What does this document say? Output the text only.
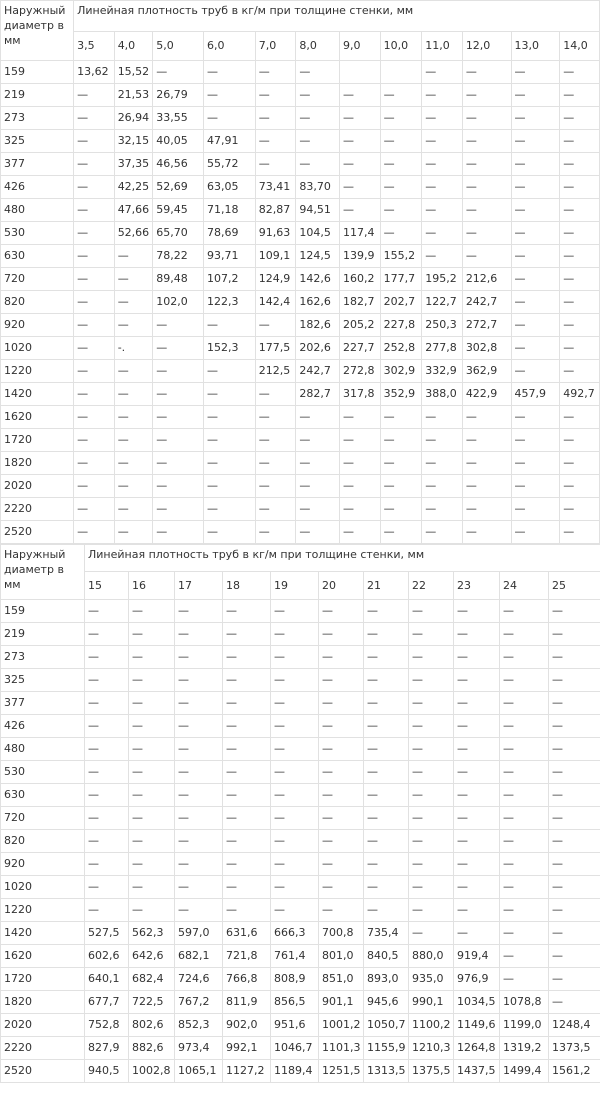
Наружный диаметр в мм	Линейная плотность труб в кг/м при толщине стенки, мм											
	3,5	4,0	5,0	6,0	7,0	8,0	9,0	10,0	11,0	12,0	13,0	14,0
159	13,62	15,52	—	—	—	—			—	—	—	—
219	—	21,53	26,79	—	—	—	—	—	—	—	—	—
273	—	26,94	33,55	—	—	—	—	—	—	—	—	—
325	—	32,15	40,05	47,91	—	—	—	—	—	—	—	—
377	—	37,35	46,56	55,72	—	—	—	—	—	—	—	—
426	—	42,25	52,69	63,05	73,41	83,70	—	—	—	—	—	—
480	—	47,66	59,45	71,18	82,87	94,51	—	—	—	—	—	—
530	—	52,66	65,70	78,69	91,63	104,5	117,4	—	—	—	—	—
630	—	—	78,22	93,71	109,1	124,5	139,9	155,2	—	—	—	—
720	—	—	89,48	107,2	124,9	142,6	160,2	177,7	195,2	212,6	—	—
820	—	—	102,0	122,3	142,4	162,6	182,7	202,7	122,7	242,7	—	—
920	—	—	—	—	—	182,6	205,2	227,8	250,3	272,7	—	—
1020	—	-.	—	152,3	177,5	202,6	227,7	252,8	277,8	302,8	—	—
1220	—	—	—	—	212,5	242,7	272,8	302,9	332,9	362,9	—	—
1420	—	—	—	—	—	282,7	317,8	352,9	388,0	422,9	457,9	492,7
1620	—	—	—	—	—	—	—	—	—	—	—	—
1720	—	—	—	—	—	—	—	—	—	—	—	—
1820	—	—	—	—	—	—	—	—	—	—	—	—
2020	—	—	—	—	—	—	—	—	—	—	—	—
2220	—	—	—	—	—	—	—	—	—	—	—	—
2520	—	—	—	—	—	—	—	—	—	—	—	—
Наружный диаметр в мм	Линейная плотность труб в кг/м при толщине стенки, мм										
	15	16	17	18	19	20	21	22	23	24	25
159	—	—	—	—	—	—	—	—	—	—	—
219	—	—	—	—	—	—	—	—	—	—	—
273	—	—	—	—	—	—	—	—	—	—	—
325	—	—	—	—	—	—	—	—	—	—	—
377	—	—	—	—	—	—	—	—	—	—	—
426	—	—	—	—	—	—	—	—	—	—	—
480	—	—	—	—	—	—	—	—	—	—	—
530	—	—	—	—	—	—	—	—	—	—	—
630	—	—	—	—	—	—	—	—	—	—	—
720	—	—	—	—	—	—	—	—	—	—	—
820	—	—	—	—	—	—	—	—	—	—	—
920	—	—	—	—	—	—	—	—	—	—	—
1020	—	—	—	—	—	—	—	—	—	—	—
1220	—	—	—	—	—	—	—	—	—	—	—
1420	527,5	562,3	597,0	631,6	666,3	700,8	735,4	—	—	—	—
1620	602,6	642,6	682,1	721,8	761,4	801,0	840,5	880,0	919,4	—	—
1720	640,1	682,4	724,6	766,8	808,9	851,0	893,0	935,0	976,9	—	—
1820	677,7	722,5	767,2	811,9	856,5	901,1	945,6	990,1	1034,5	1078,8	—
2020	752,8	802,6	852,3	902,0	951,6	1001,2	1050,7	1100,2	1149,6	1199,0	1248,4
2220	827,9	882,6	973,4	992,1	1046,7	1101,3	1155,9	1210,3	1264,8	1319,2	1373,5
2520	940,5	1002,8	1065,1	1127,2	1189,4	1251,5	1313,5	1375,5	1437,5	1499,4	1561,2
